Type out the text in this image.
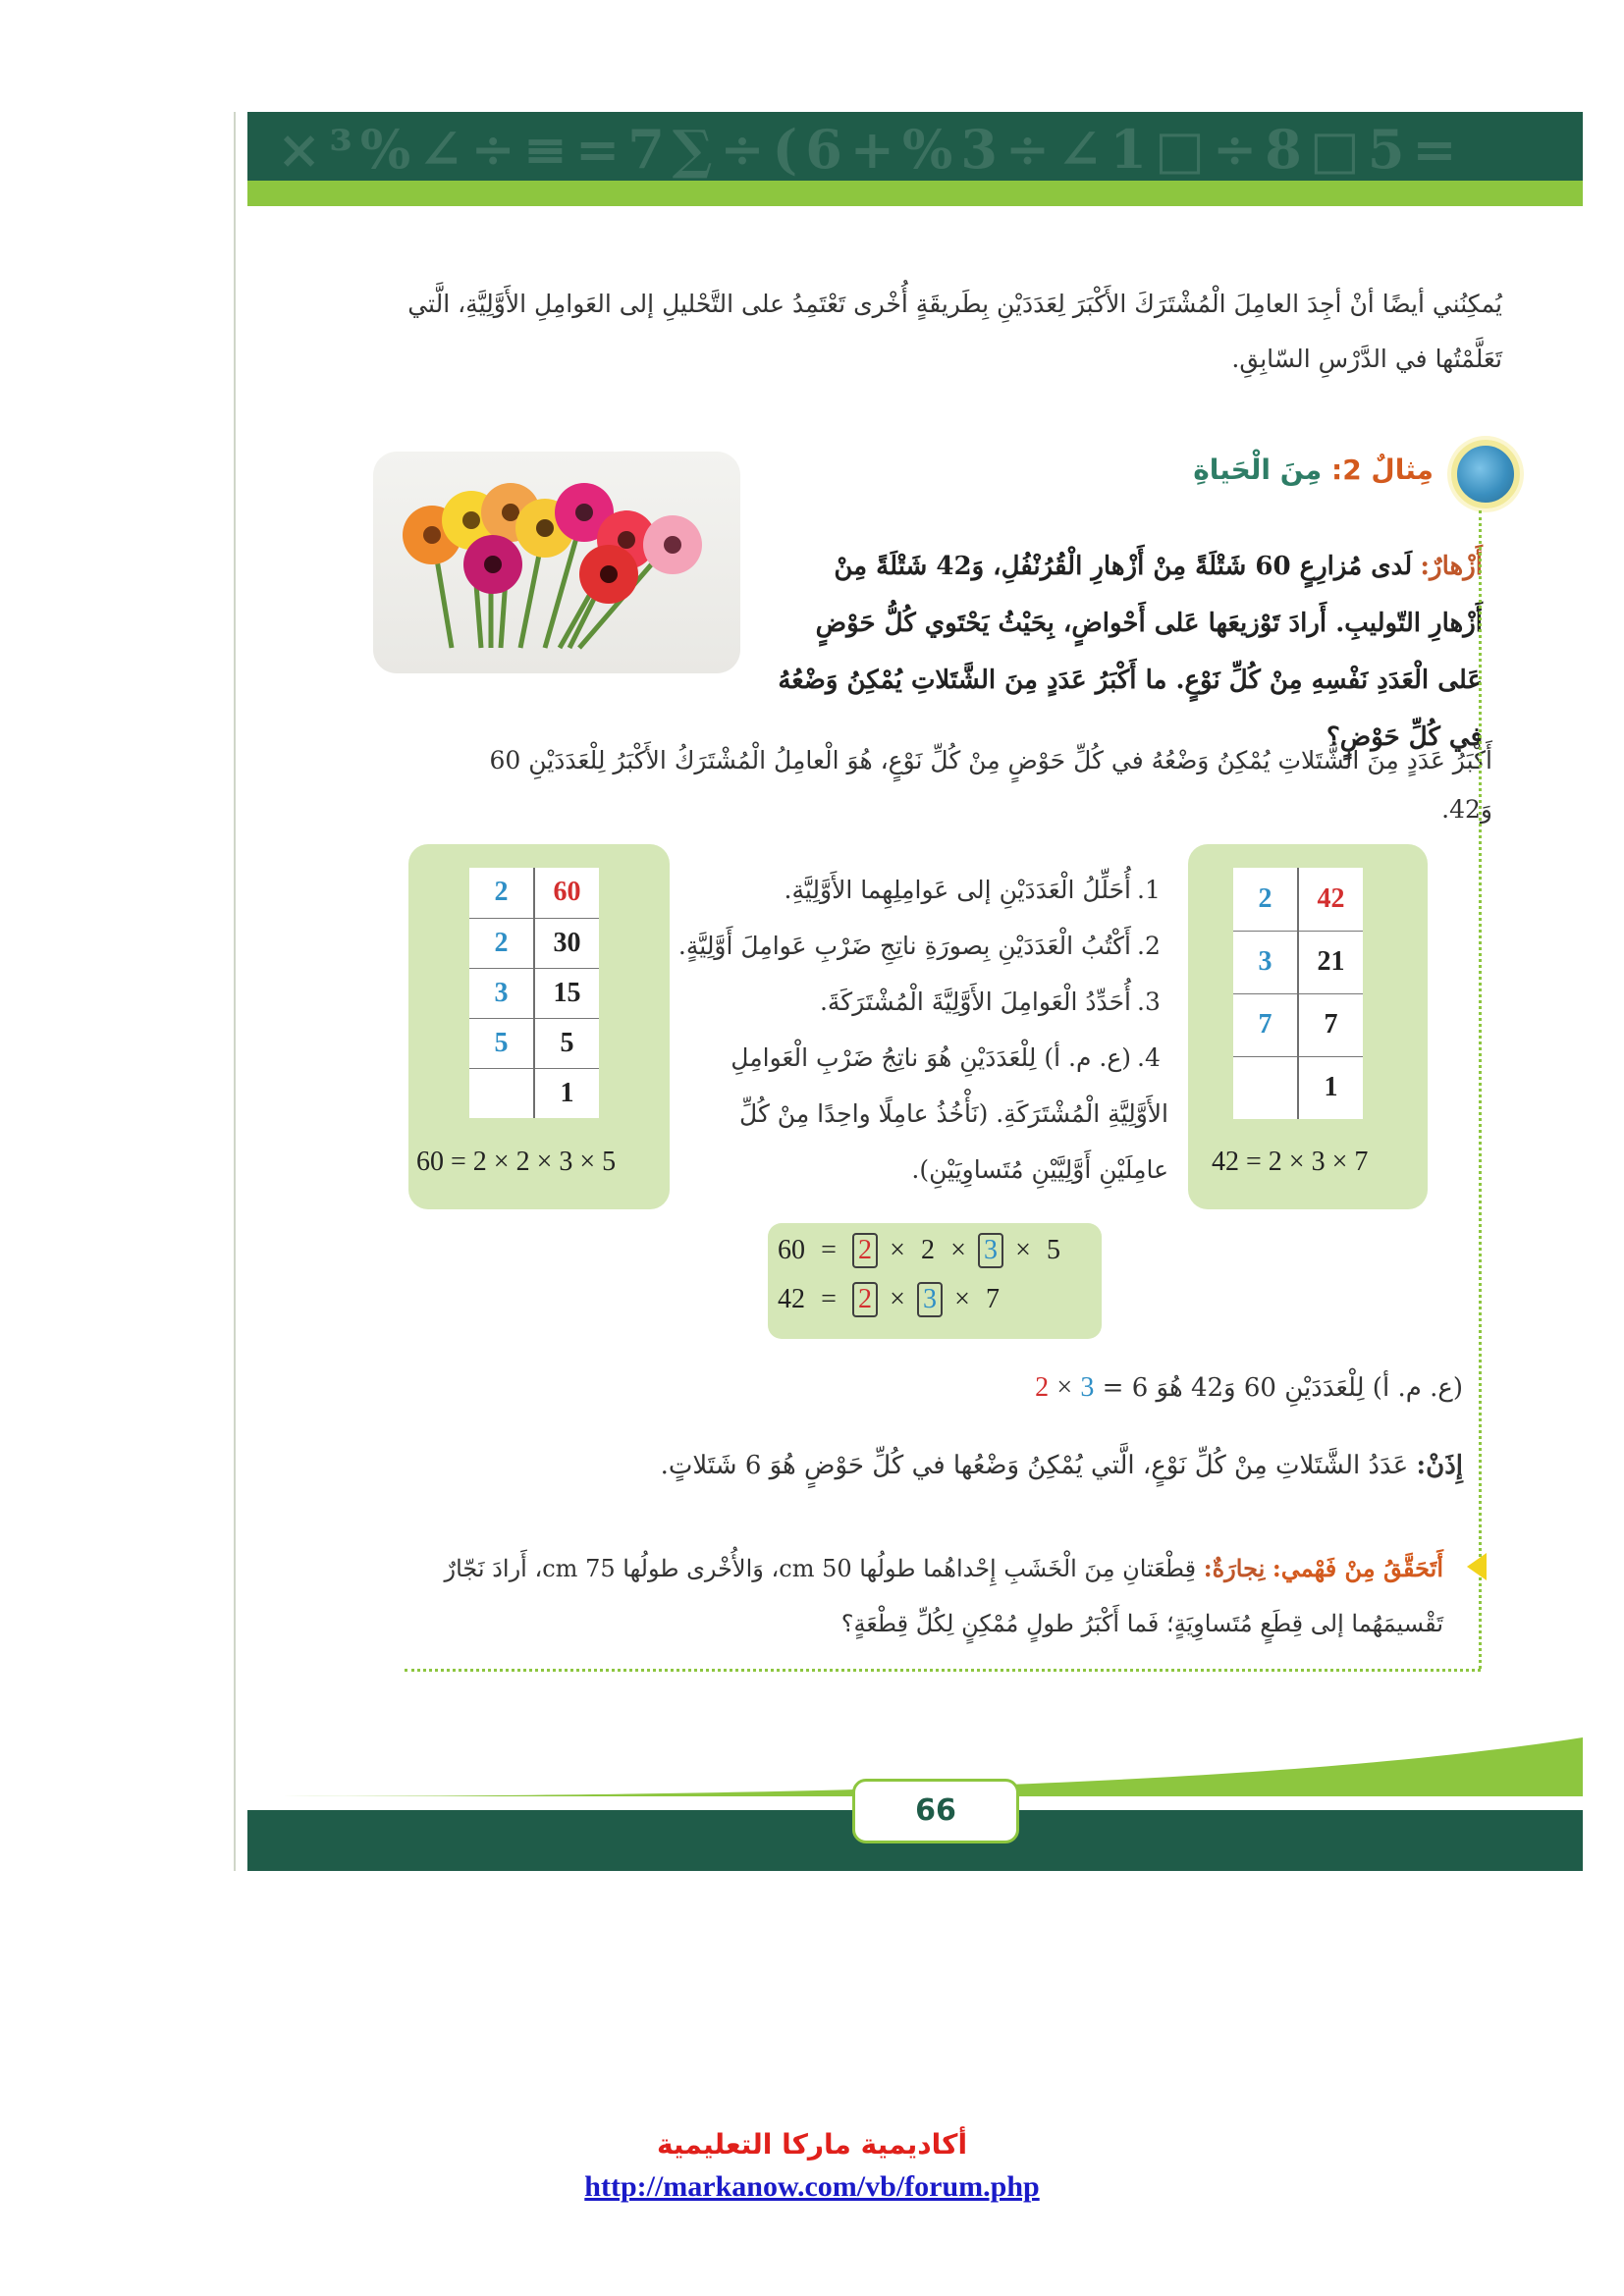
×³%∠÷≡=7∑÷(6+%3÷∠1□÷8□5=

يُمكِنُني أيضًا أنْ أجِدَ العامِلَ الْمُشْتَرَكَ الأَكْبَرَ لِعَدَدَيْنِ بِطَريقَةٍ أُخْرى تَعْتَمِدُ على التَّحْليلِ إلى العَوامِلِ الأَوَّلِيَّةِ، الَّتي تَعَلَّمْتُها في الدَّرْسِ السّابِقِ.

مِثالٌ 2: مِنَ الْحَياةِ

أَزْهارٌ: لَدى مُزارِعٍ 60 شَتْلَةً مِنْ أَزْهارِ الْقُرُنْفُلِ، وَ42 شَتْلَةً مِنْ أَزْهارِ التّوليبِ. أَرادَ تَوْزيعَها عَلى أَحْواضٍ، بِحَيْثُ يَحْتَوي كُلُّ حَوْضٍ عَلى الْعَدَدِ نَفْسِهِ مِنْ كُلِّ نَوْعٍ. ما أَكْبَرُ عَدَدٍ مِنَ الشَّتَلاتِ يُمْكِنُ وَضْعُهُ في كُلِّ حَوْضٍ؟

أَكْبَرُ عَدَدٍ مِنَ الشَّتَلاتِ يُمْكِنُ وَضْعُهُ في كُلِّ حَوْضٍ مِنْ كُلِّ نَوْعٍ، هُوَ الْعامِلُ الْمُشْتَرَكُ الأَكْبَرُ لِلْعَدَدَيْنِ 60 وَ42.

2	42
3	21
7	7
	1
42 = 2 × 3 × 7
2	60
2	30
3	15
5	5
	1
60 = 2 × 2 × 3 × 5
1.أُحَلِّلُ الْعَدَدَيْنِ إلى عَوامِلِهِما الأَوَّلِيَّةِ.
2.أَكْتُبُ الْعَدَدَيْنِ بِصورَةِ ناتِجِ ضَرْبِ عَوامِلَ أَوَّلِيَّةٍ.
3.أُحَدِّدُ الْعَوامِلَ الأَوَّلِيَّةَ الْمُشْتَرَكَةَ.
4.(ع. م. أ) لِلْعَدَدَيْنِ هُوَ ناتِجُ ضَرْبِ الْعَوامِلِ الأَوَّلِيَّةِ الْمُشْتَرَكَةِ. (نَأْخُذُ عامِلًا واحِدًا مِنْ كُلِّ عامِلَيْنِ أَوَّلِيَّيْنِ مُتَساوِيَيْنِ).
60 = 2 × 2 × 3 × 5
42 = 2 × 3 × 7

(ع. م. أ) لِلْعَدَدَيْنِ 60 وَ42 هُوَ 6 = 3 × 2

إِذَنْ: عَدَدُ الشَّتَلاتِ مِنْ كُلِّ نَوْعٍ، الَّتي يُمْكِنُ وَضْعُها في كُلِّ حَوْضٍ هُوَ 6 شَتَلاتٍ.

أَتَحَقَّقُ مِنْ فَهْمي: نِجارَةٌ: قِطْعَتانِ مِنَ الْخَشَبِ إِحْداهُما طولُها 50 cm، وَالأُخْرى طولُها 75 cm، أَرادَ نَجّارٌ تَقْسيمَهُما إلى قِطَعٍ مُتَساوِيَةٍ؛ فَما أَكْبَرُ طولٍ مُمْكِنٍ لِكُلِّ قِطْعَةٍ؟

66
أكاديمية ماركا التعليمية
http://markanow.com/vb/forum.php
